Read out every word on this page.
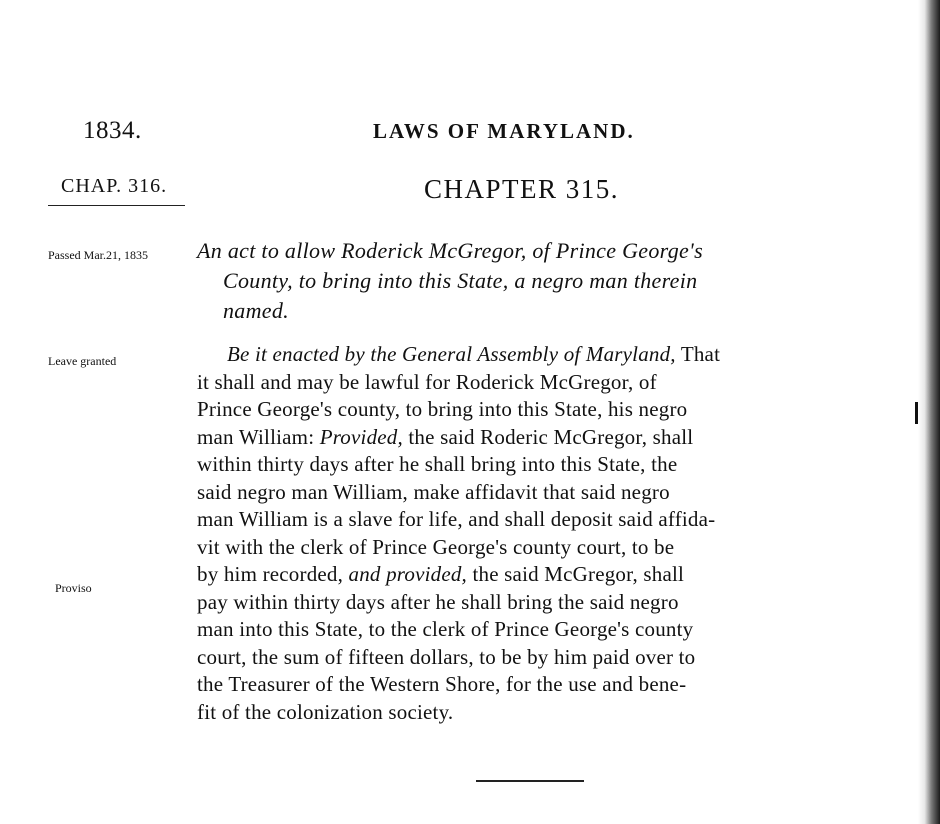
1834.	LAWS OF MARYLAND.
CHAP. 316.	CHAPTER 315.
Passed Mar.21, 1835
Leave granted
Proviso
An act to allow Roderick McGregor, of Prince George's
County, to bring into this State, a negro man therein
named.
Be it enacted by the General Assembly of Maryland, That
it shall and may be lawful for Roderick McGregor, of
Prince George's county, to bring into this State, his negro
man William: Provided, the said Roderic McGregor, shall
within thirty days after he shall bring into this State, the
said negro man William, make affidavit that said negro
man William is a slave for life, and shall deposit said affida-
vit with the clerk of Prince George's county court, to be
by him recorded, and provided, the said McGregor, shall
pay within thirty days after he shall bring the said negro
man into this State, to the clerk of Prince George's county
court, the sum of fifteen dollars, to be by him paid over to
the Treasurer of the Western Shore, for the use and bene-
fit of the colonization society.
